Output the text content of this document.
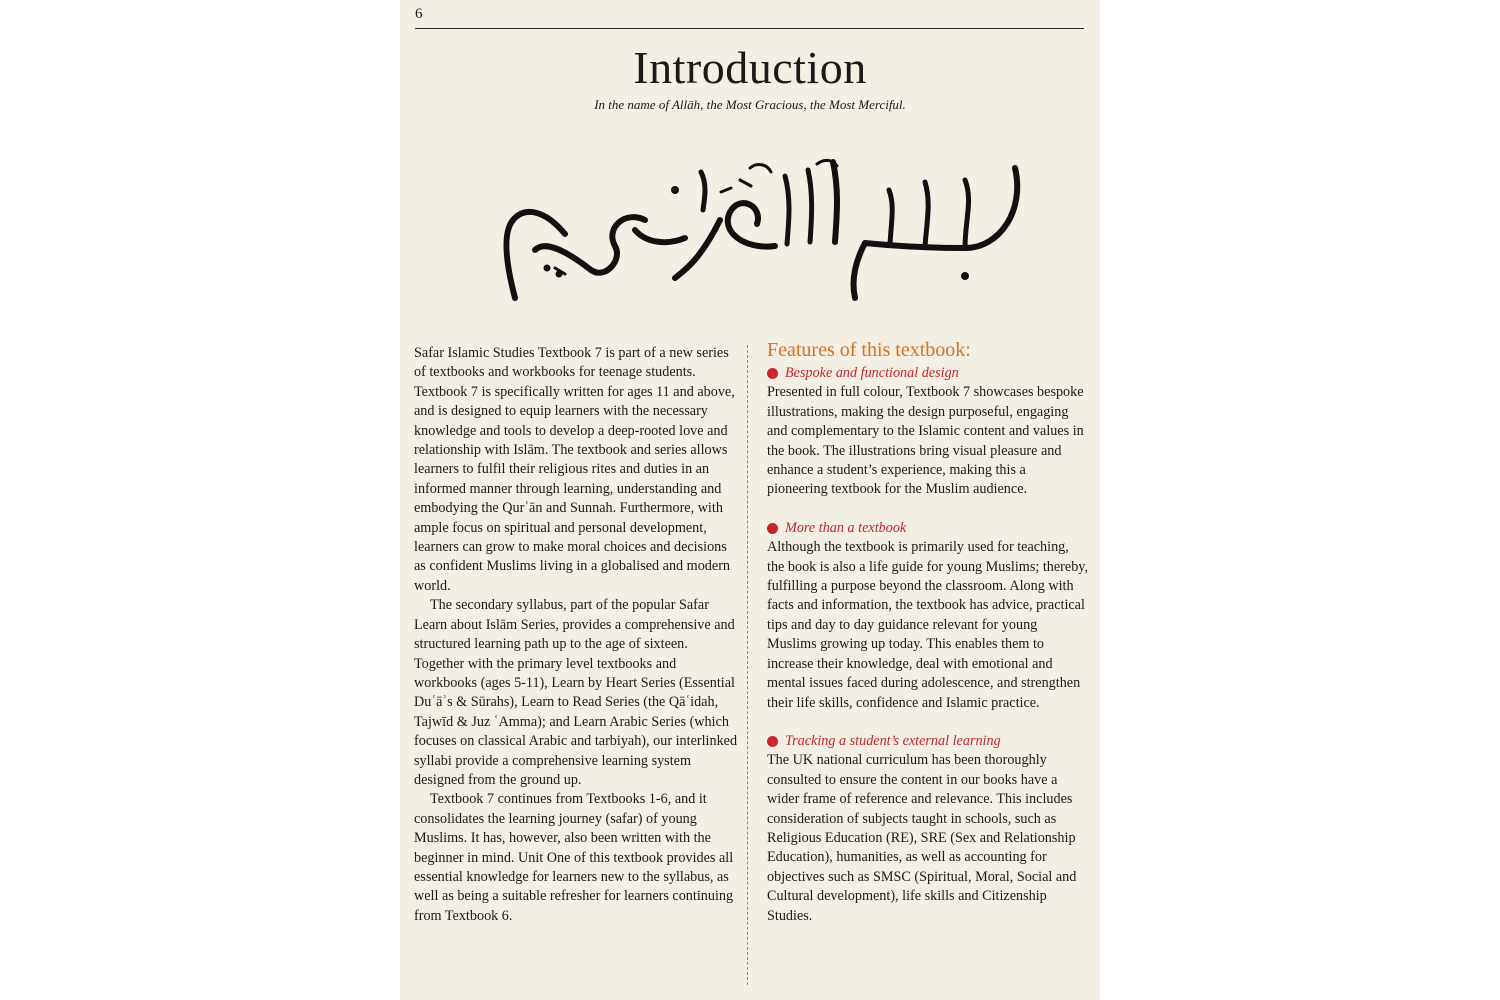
6
Introduction
In the name of Allāh, the Most Gracious, the Most Merciful.

Safar Islamic Studies Textbook 7 is part of a new series of textbooks and workbooks for teenage students. Textbook 7 is specifically written for ages 11 and above, and is designed to equip learners with the necessary knowledge and tools to develop a deep-rooted love and relationship with Islām. The textbook and series allows learners to fulfil their religious rites and duties in an informed manner through learning, understanding and embodying the Qurʾān and Sunnah. Furthermore, with ample focus on spiritual and personal development, learners can grow to make moral choices and decisions as confident Muslims living in a globalised and modern world.

The secondary syllabus, part of the popular Safar Learn about Islām Series, provides a comprehensive and structured learning path up to the age of sixteen. Together with the primary level textbooks and workbooks (ages 5-11), Learn by Heart Series (Essential Duʿāʾs & Sūrahs), Learn to Read Series (the Qāʿidah, Tajwīd & Juz ʿAmma); and Learn Arabic Series (which focuses on classical Arabic and tarbiyah), our interlinked syllabi provide a comprehensive learning system designed from the ground up.

Textbook 7 continues from Textbooks 1-6, and it consolidates the learning journey (safar) of young Muslims. It has, however, also been written with the beginner in mind. Unit One of this textbook provides all essential knowledge for learners new to the syllabus, as well as being a suitable refresher for learners continuing from Textbook 6.

Features of this textbook:
Bespoke and functional design

Presented in full colour, Textbook 7 showcases bespoke illustrations, making the design purposeful, engaging and complementary to the Islamic content and values in the book. The illustrations bring visual pleasure and enhance a student’s experience, making this a pioneering textbook for the Muslim audience.

More than a textbook

Although the textbook is primarily used for teaching, the book is also a life guide for young Muslims; thereby, fulfilling a purpose beyond the classroom. Along with facts and information, the textbook has advice, practical tips and day to day guidance relevant for young Muslims growing up today. This enables them to increase their knowledge, deal with emotional and mental issues faced during adolescence, and strengthen their life skills, confidence and Islamic practice.

Tracking a student’s external learning

The UK national curriculum has been thoroughly consulted to ensure the content in our books have a wider frame of reference and relevance. This includes consideration of subjects taught in schools, such as Religious Education (RE), SRE (Sex and Relationship Education), humanities, as well as accounting for objectives such as SMSC (Spiritual, Moral, Social and Cultural development), life skills and Citizenship Studies.
